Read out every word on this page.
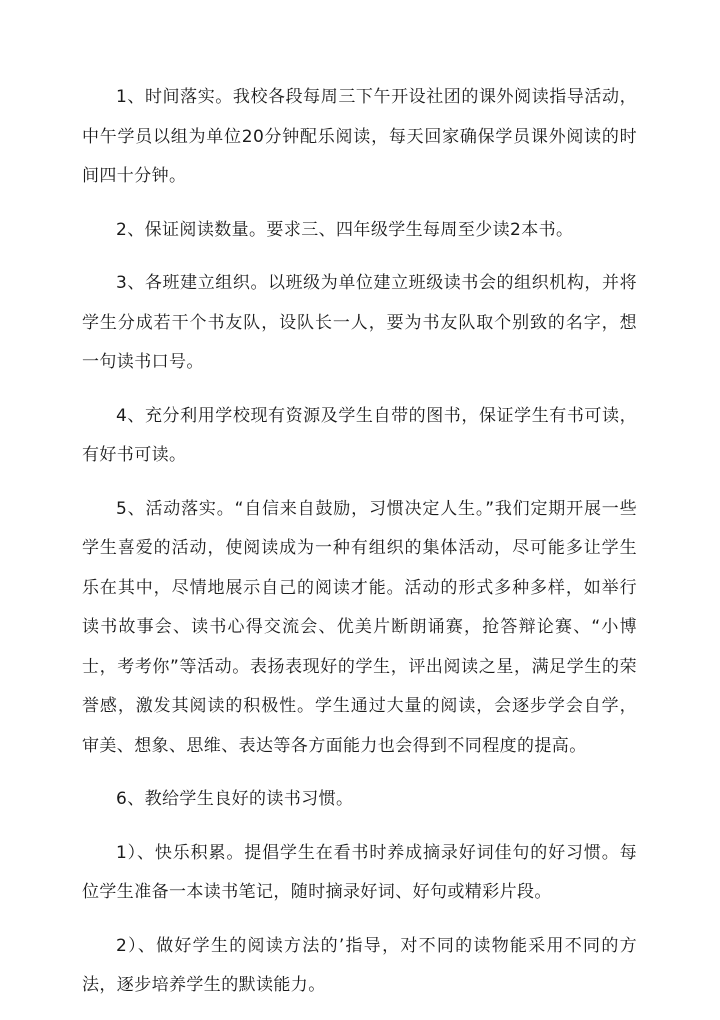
1、时间落实。我校各段每周三下午开设社团的课外阅读指导活动，中午学员以组为单位20分钟配乐阅读，每天回家确保学员课外阅读的时间四十分钟。

2、保证阅读数量。要求三、四年级学生每周至少读2本书。

3、各班建立组织。以班级为单位建立班级读书会的组织机构，并将学生分成若干个书友队，设队长一人，要为书友队取个别致的名字，想一句读书口号。

4、充分利用学校现有资源及学生自带的图书，保证学生有书可读，有好书可读。

5、活动落实。“自信来自鼓励，习惯决定人生。”我们定期开展一些学生喜爱的活动，使阅读成为一种有组织的集体活动，尽可能多让学生乐在其中，尽情地展示自己的阅读才能。活动的形式多种多样，如举行读书故事会、读书心得交流会、优美片断朗诵赛，抢答辩论赛、“小博士，考考你”等活动。表扬表现好的学生，评出阅读之星，满足学生的荣誉感，激发其阅读的积极性。学生通过大量的阅读，会逐步学会自学，审美、想象、思维、表达等各方面能力也会得到不同程度的提高。

6、教给学生良好的读书习惯。

1）、快乐积累。提倡学生在看书时养成摘录好词佳句的好习惯。每位学生准备一本读书笔记，随时摘录好词、好句或精彩片段。

2）、做好学生的阅读方法的’指导，对不同的读物能采用不同的方法，逐步培养学生的默读能力。
